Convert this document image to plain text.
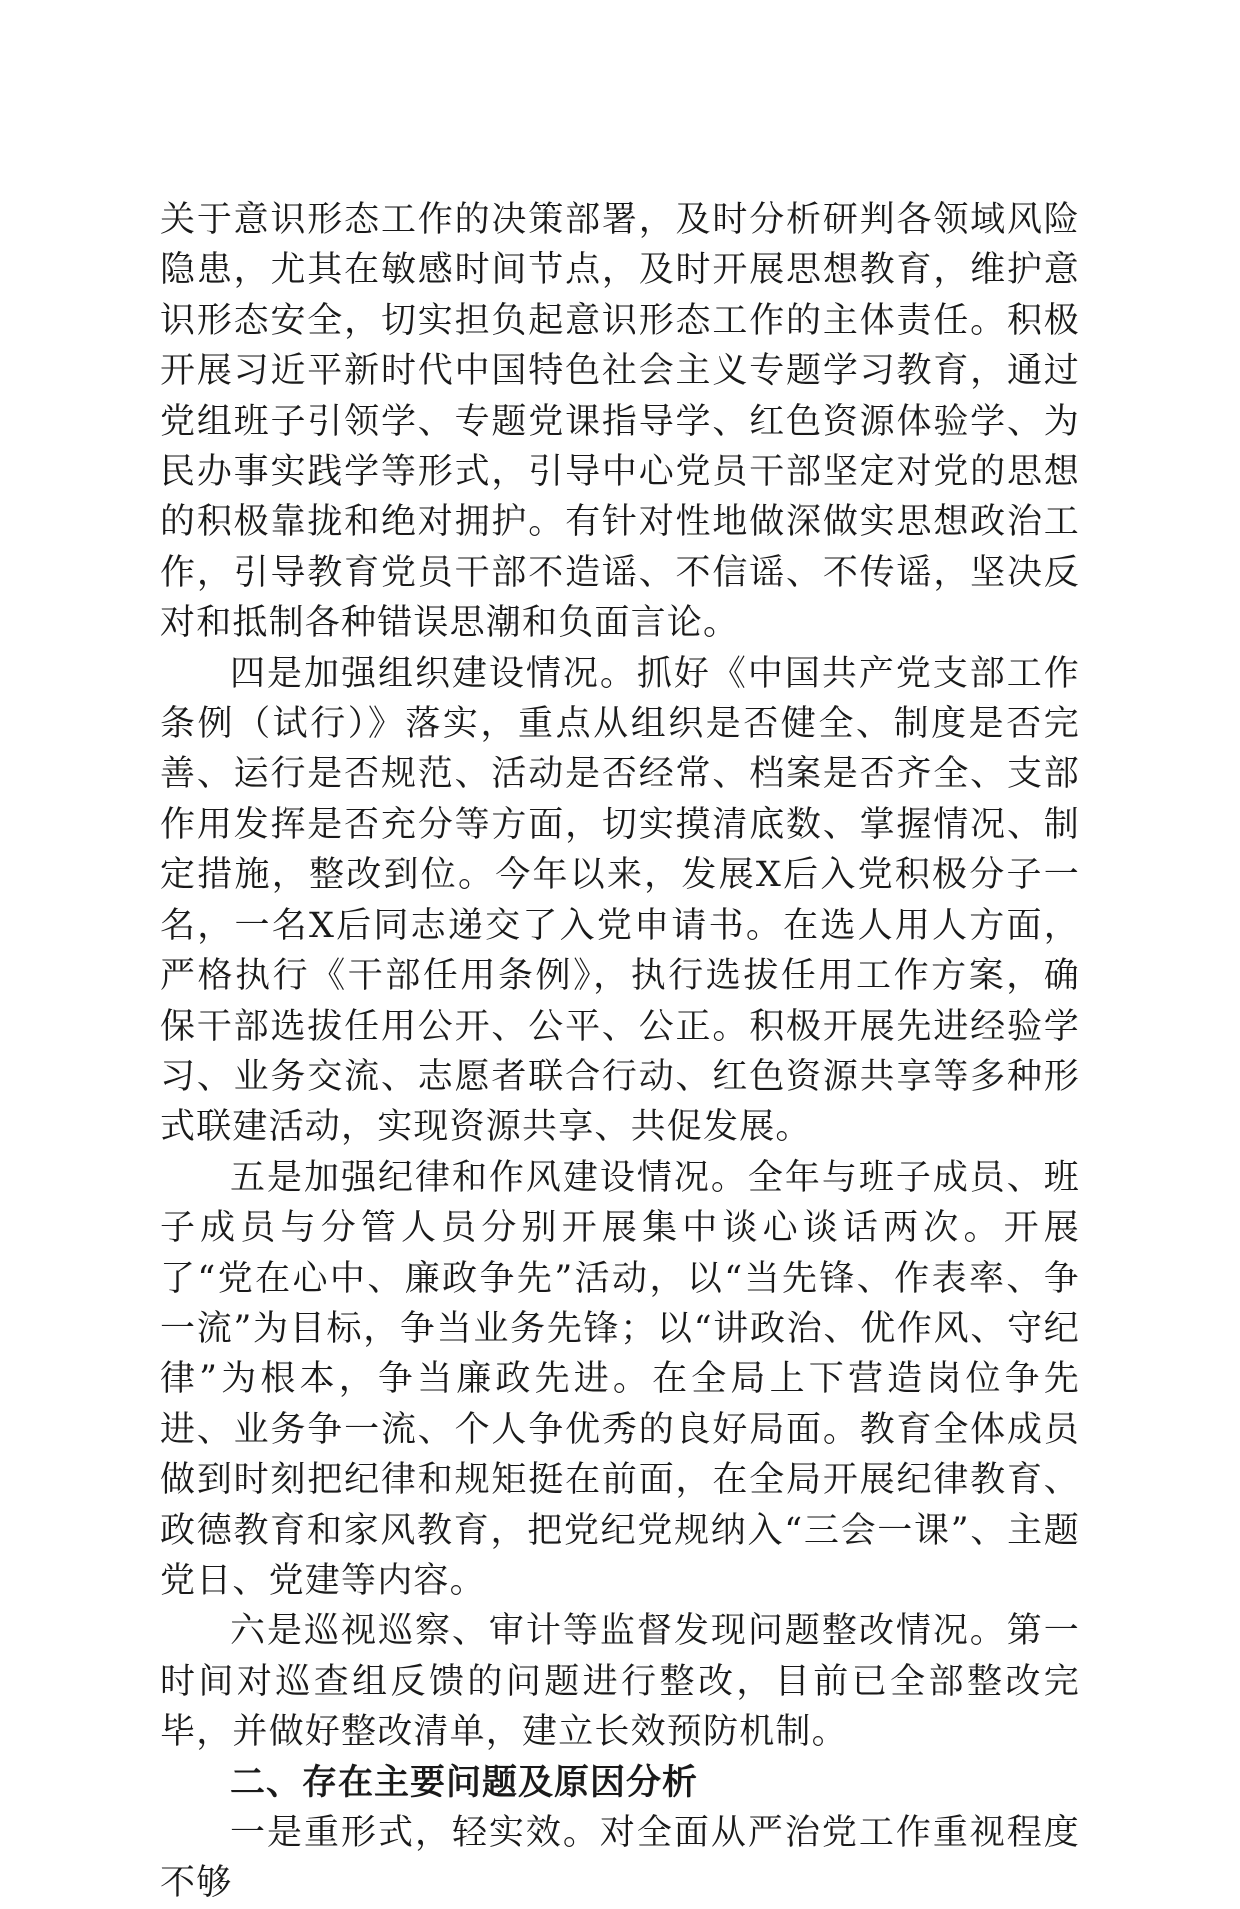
关于意识形态工作的决策部署，及时分析研判各领域风险隐患，尤其在敏感时间节点，及时开展思想教育，维护意识形态安全，切实担负起意识形态工作的主体责任。积极开展习近平新时代中国特色社会主义专题学习教育，通过党组班子引领学、专题党课指导学、红色资源体验学、为民办事实践学等形式，引导中心党员干部坚定对党的思想的积极靠拢和绝对拥护。有针对性地做深做实思想政治工作，引导教育党员干部不造谣、不信谣、不传谣，坚决反对和抵制各种错误思潮和负面言论。

四是加强组织建设情况。抓好《中国共产党支部工作条例（试行）》落实，重点从组织是否健全、制度是否完善、运行是否规范、活动是否经常、档案是否齐全、支部作用发挥是否充分等方面，切实摸清底数、掌握情况、制定措施，整改到位。今年以来，发展X后入党积极分子一名，一名X后同志递交了入党申请书。在选人用人方面，严格执行《干部任用条例》，执行选拔任用工作方案，确保干部选拔任用公开、公平、公正。积极开展先进经验学习、业务交流、志愿者联合行动、红色资源共享等多种形式联建活动，实现资源共享、共促发展。

五是加强纪律和作风建设情况。全年与班子成员、班子成员与分管人员分别开展集中谈心谈话两次。开展了“党在心中、廉政争先”活动，以“当先锋、作表率、争一流”为目标，争当业务先锋；以“讲政治、优作风、守纪律”为根本，争当廉政先进。在全局上下营造岗位争先进、业务争一流、个人争优秀的良好局面。教育全体成员做到时刻把纪律和规矩挺在前面，在全局开展纪律教育、政德教育和家风教育，把党纪党规纳入“三会一课”、主题党日、党建等内容。

六是巡视巡察、审计等监督发现问题整改情况。第一时间对巡查组反馈的问题进行整改，目前已全部整改完毕，并做好整改清单，建立长效预防机制。

二、存在主要问题及原因分析

一是重形式，轻实效。对全面从严治党工作重视程度不够
